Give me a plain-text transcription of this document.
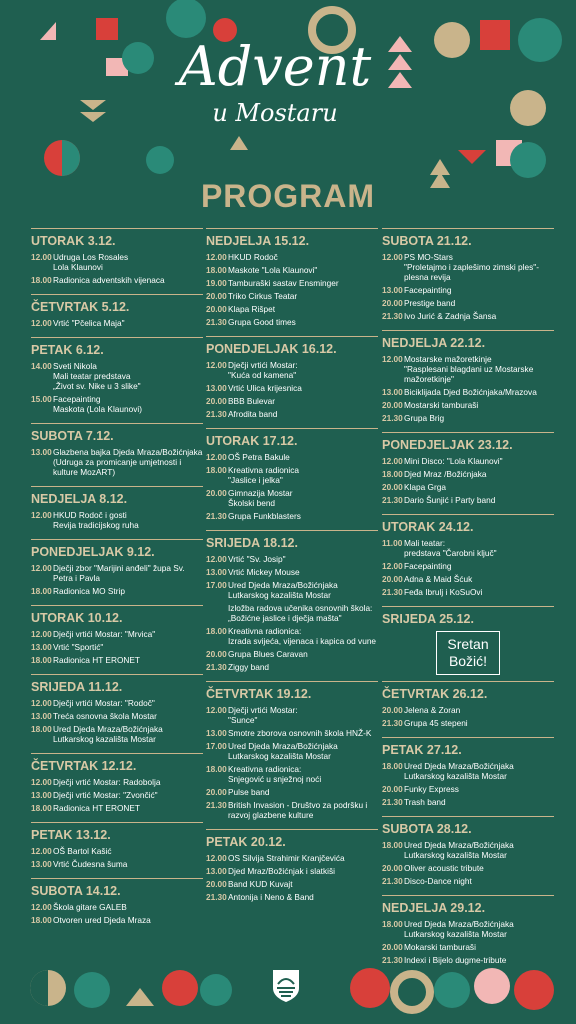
Advent
u Mostaru
PROGRAM
UTORAK 3.12.
12.00 Udruga Los Rosales
Lola Klaunovi
18.00 Radionica adventskih vijenaca
ČETVRTAK 5.12.
12.00 Vrtić "Pčelica Maja"
PETAK 6.12.
14.00 Sveti Nikola
Mali teatar predstava
„Život sv. Nike u 3 slike"
15.00 Facepainting
Maskota (Lola Klaunovi)
SUBOTA 7.12.
13.00 Glazbena bajka Djeda Mraza/Božićnjaka
(Udruga za promicanje umjetnosti i kulture MozART)
NEDJELJA 8.12.
12.00 HKUD Rodoč i gosti
Revija tradicijskog ruha
PONEDJELJAK 9.12.
12.00 Dječji zbor "Mariјini anđeli" župa Sv. Petra i Pavla
18.00 Radionica MO Strip
UTORAK 10.12.
12.00 Dječji vrtići Mostar: "Mrvica"
13.00 Vrtić "Sportić"
18.00 Radionica HT ERONET
SRIJEDA 11.12.
12.00 Dječji vrtići Mostar: "Rodoč"
13.00 Treća osnovna škola Mostar
18.00 Ured Djeda Mraza/Božićnjaka
Lutkarskog kazališta Mostar
ČETVRTAK 12.12.
12.00 Dječji vrtić Mostar: Radobolja
13.00 Dječji vrtić Mostar: "Zvončić"
18.00 Radionica HT ERONET
PETAK 13.12.
12.00 OŠ Bartol Kašić
13.00 Vrtić Čudesna šuma
SUBOTA 14.12.
12.00 Škola gitare GALEB
18.00 Otvoren ured Djeda Mraza
NEDJELJA 15.12.
12.00 HKUD Rodoč
18.00 Maskote "Lola Klaunovi"
19.00 Tamburaški sastav Ensminger
20.00 Triko Cirkus Teatar
20.00 Klapa Rišpet
21.30 Grupa Good times
PONEDJELJAK 16.12.
12.00 Dječji vrtići Mostar:
"Kuća od kamena"
13.00 Vrtić Ulica krijesnica
20.00 BBB Bulevar
21.30 Afrodita band
UTORAK 17.12.
12.00 OŠ Petra Bakule
18.00 Kreativna radionica
"Jaslice i jelka"
20.00 Gimnazija Mostar
Školski bend
21.30 Grupa Funkblasters
SRIJEDA 18.12.
12.00 Vrtić "Sv. Josip"
13.00 Vrtić Mickey Mouse
17.00 Ured Djeda Mraza/Božićnjaka
Lutkarskog kazališta Mostar
Izložba radova učenika osnovnih škola: „Božićne jaslice i dječja mašta"
18.00 Kreativna radionica:
Izrada svijeća, vijenaca i kapica od vune
20.00 Grupa Blues Caravan
21.30 Ziggy band
ČETVRTAK 19.12.
12.00 Dječji vrtići Mostar:
"Sunce"
13.00 Smotre zborova osnovnih škola HNŽ-K
17.00 Ured Djeda Mraza/Božićnjaka
Lutkarskog kazališta Mostar
18.00 Kreativna radionica:
Snjegović u snježnoj noći
20.00 Pulse band
21.30 British Invasion - Društvo za podršku i razvoj glazbene kulture
PETAK 20.12.
12.00 OS Silvija Strahimir Kranjčevića
13.00 Djed Mraz/Božićnjak i slatkiši
20.00 Band KUD Kuvajt
21.30 Antonija i Neno & Band
SUBOTA 21.12.
12.00 PS MO-Stars
"Proletajmo i zaplešimo zimski ples"-plesna revija
13.00 Facepainting
20.00 Prestige band
21.30 Ivo Jurić & Zadnja Šansa
NEDJELJA 22.12.
12.00 Mostarske mažoretkinje
"Rasplesani blagdani uz Mostarske mažoretkinje"
13.00 Biciklijada Djed Božićnjaka/Mrazova
20.00 Mostarski tamburaši
21.30 Grupa Brig
PONEDJELJAK 23.12.
12.00 Mini Disco: "Lola Klaunovi"
18.00 Djed Mraz /Božićnjaka
20.00 Klapa Grga
21.30 Dario Šunjić i Party band
UTORAK 24.12.
11.00 Mali teatar:
predstava "Čarobni ključ"
12.00 Facepainting
20.00 Adna & Maid Šćuk
21.30 Feđa Ibrulj i KoSuOvi
SRIJEDA 25.12.
Sretan
Božić!
ČETVRTAK 26.12.
20.00 Jelena & Zoran
21.30 Grupa 45 stepeni
PETAK 27.12.
18.00 Ured Djeda Mraza/Božićnjaka
Lutkarskog kazališta Mostar
20.00 Funky Express
21.30 Trash band
SUBOTA 28.12.
18.00 Ured Djeda Mraza/Božićnjaka
Lutkarskog kazališta Mostar
20.00 Oliver acoustic tribute
21.30 Disco-Dance night
NEDJELJA 29.12.
18.00 Ured Djeda Mraza/Božićnjaka
Lutkarskog kazališta Mostar
20.00 Mokarski tamburaši
21.30 Indexi i Bijelo dugme-tribute
